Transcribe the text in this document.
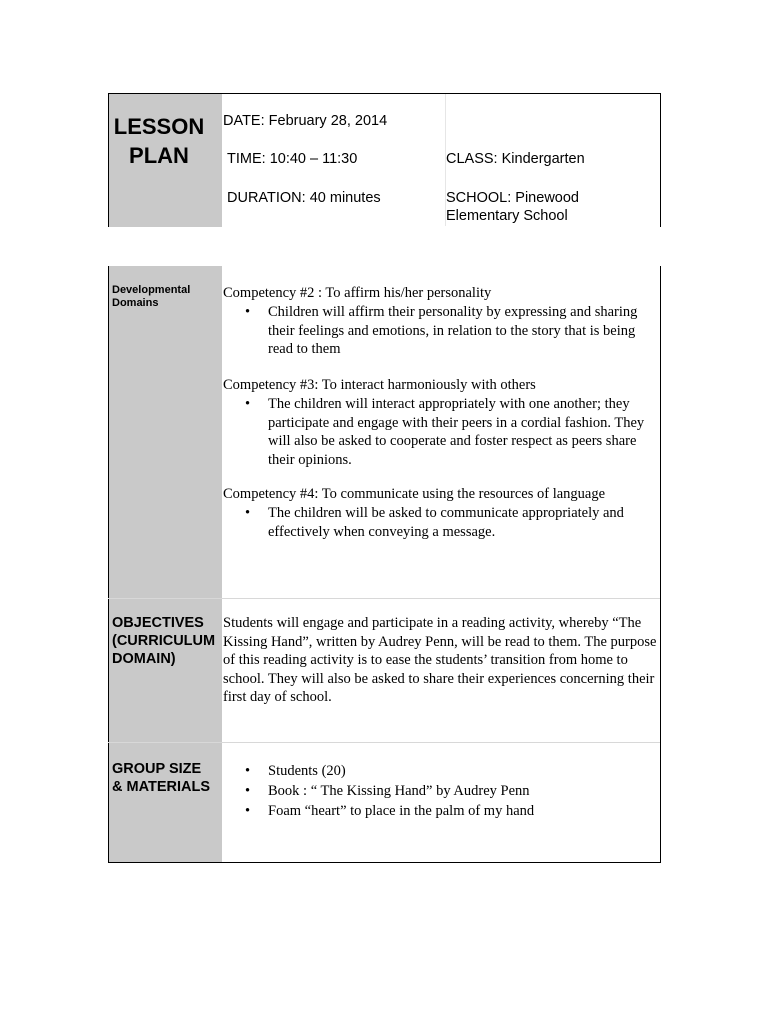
LESSON
PLAN
DATE: February 28, 2014
TIME: 10:40 – 11:30	CLASS: Kindergarten
DURATION: 40 minutes	SCHOOL: Pinewood
Elementary School
Developmental
Domains
Competency #2 : To affirm his/her personality
• Children will affirm their personality by expressing and sharing their feelings and emotions, in relation to the story that is being read to them
Competency #3: To interact harmoniously with others
• The children will interact appropriately with one another; they participate and engage with their peers in a cordial fashion. They will also be asked to cooperate and foster respect as peers share their opinions.
Competency #4: To communicate using the resources of language
• The children will be asked to communicate appropriately and effectively when conveying a message.
OBJECTIVES
(CURRICULUM
DOMAIN)
Students will engage and participate in a reading activity, whereby “The Kissing Hand”, written by Audrey Penn, will be read to them. The purpose of this reading activity is to ease the students’ transition from home to school. They will also be asked to share their experiences concerning their first day of school.
GROUP SIZE
& MATERIALS
• Students (20)
• Book : “ The Kissing Hand” by Audrey Penn
• Foam “heart” to place in the palm of my hand
